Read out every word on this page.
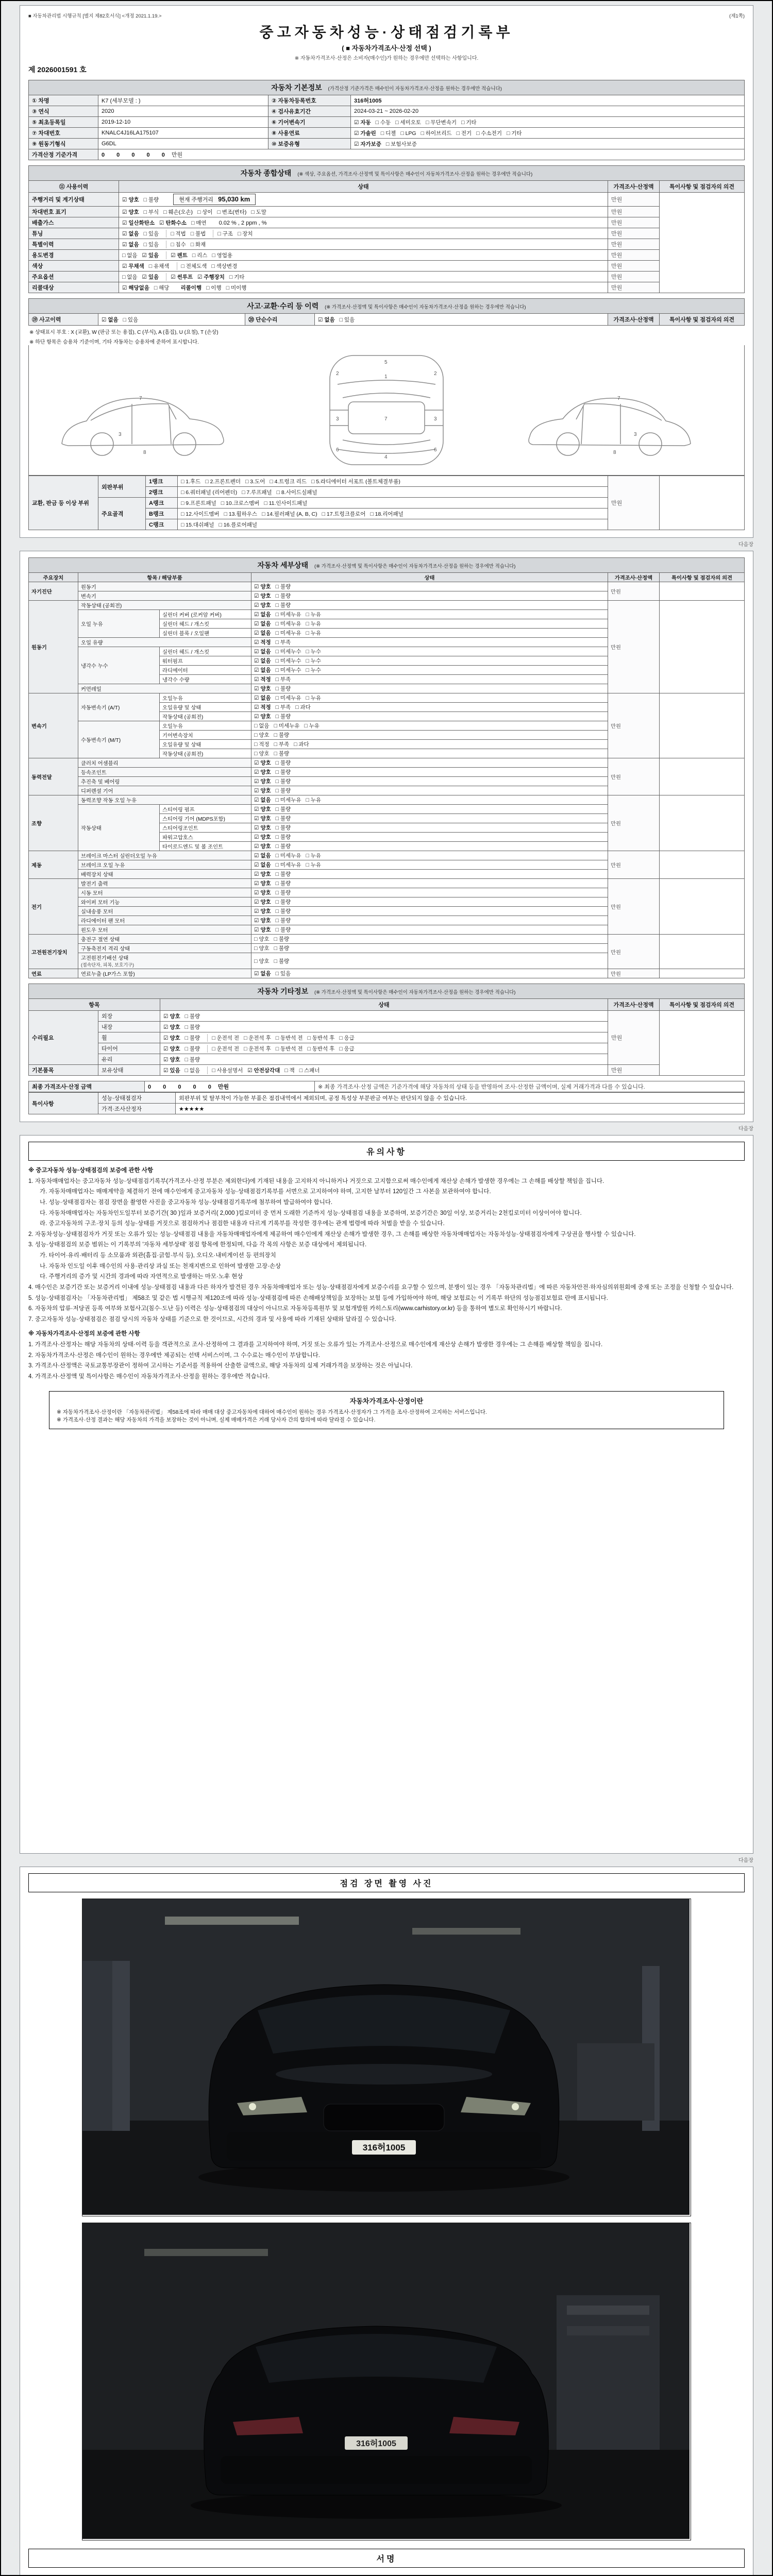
■ 자동차관리법 시행규칙 [별지 제82호서식] <개정 2021.1.19.>	(제1쪽)
중고자동차성능·상태점검기록부
( ■ 자동차가격조사·산정 선택 )
※ 자동차가격조사·산정은 소비자(매수인)가 원하는 경우에만 선택하는 사항입니다.
제 2026001591 호
자동차 기본정보 (가격산정 기준가격은 매수인이 자동차가격조사·산정을 원하는 경우에만 적습니다)
① 차명	K7 (세부모델 : )	② 자동차등록번호	316허1005
③ 연식	2020	④ 검사유효기간	2024-03-21 ~ 2026-02-20
⑤ 최초등록일	2019-12-10	⑥ 기어변속기	☑ 자동 □ 수동 □ 세미오토 □ 무단변속기 □ 기타
⑦ 차대번호	KNALC4J16LA175107	⑧ 사용연료	☑ 가솔린 □ 디젤 □ LPG □ 하이브리드 □ 전기 □ 수소전기 □ 기타
⑨ 원동기형식	G6DL	⑩ 보증유형	☑ 자가보증 □ 보험사보증
가격산정 기준가격	0 0 0 0 0 만원		
자동차 종합상태 (※ 색상, 주요옵션, 가격조사·산정액 및 특이사항은 매수인이 자동차가격조사·산정을 원하는 경우에만 적습니다)
⑪ 사용이력	상태	가격조사·산정액	특이사항 및 점검자의 의견
주행거리 및 계기상태	☑ 양호 □ 불량 현재 주행거리 95,030 km	만원	
차대번호 표기	☑ 양호 □ 부식 □ 훼손(오손) □ 상이 □ 변조(변타) □ 도말	만원	
배출가스	☑ 일산화탄소 ☑ 탄화수소 □ 매연 0.02 % , 2 ppm , %	만원	
튜닝	☑ 없음 □ 있음 □ 적법 □ 불법 □ 구조 □ 장치	만원	
특별이력	☑ 없음 □ 있음 □ 침수 □ 화재	만원	
용도변경	□ 없음 ☑ 있음 ☑ 렌트 □ 리스 □ 영업용	만원	
색상	☑ 무채색 □ 유채색 □ 전체도색 □ 색상변경	만원	
주요옵션	□ 없음 ☑ 있음 ☑ 썬루프 ☑ 주행장치 □ 기타	만원	
리콜대상	☑ 해당없음 □ 해당 리콜이행 □ 이행 □ 미이행	만원	
사고·교환·수리 등 이력 (※ 가격조사·산정액 및 특이사항은 매수인이 자동차가격조사·산정을 원하는 경우에만 적습니다)
⑲ 사고이력	☑ 없음 □ 있음	⑳ 단순수리	☑ 없음 □ 있음	가격조사·산정액	특이사항 및 점검자의 의견
※ 상태표시 부호 : X (교환), W (판금 또는 용접), C (부식), A (흠집), U (요철), T (손상)
※ 하단 항목은 승용차 기준이며, 기타 자동차는 승용차에 준하여 표시합니다.
7
3
8
5
1
2	2
7
3	3
6	6
4
7
3
8
교환, 판금 등 이상 부위	외판부위	1랭크	□ 1.후드 □ 2.프론트펜더 □ 3.도어 □ 4.트렁크 리드 □ 5.라디에이터 서포트 (볼트체결부품)	만원	
		2랭크	□ 6.쿼터패널 (리어펜더) □ 7.루프패널 □ 8.사이드실패널		
	주요골격	A랭크	□ 9.프론트패널 □ 10.크로스멤버 □ 11.인사이드패널		
		B랭크	□ 12.사이드멤버 □ 13.휠하우스 □ 14.필러패널 (A, B, C) □ 17.트렁크플로어 □ 18.리어패널		
		C랭크	□ 15.대쉬패널 □ 16.플로어패널		
다음장
자동차 세부상태 (※ 가격조사·산정액 및 특이사항은 매수인이 자동차가격조사·산정을 원하는 경우에만 적습니다)
주요장치	항목 / 해당부품		상태	가격조사·산정액	특이사항 및 점검자의 의견
자기진단	원동기		☑ 양호 □ 불량	만원	
	변속기		☑ 양호 □ 불량		
원동기	작동상태 (공회전)		☑ 양호 □ 불량	만원	
	오일 누유	실린더 커버 (로커암 커버)	☑ 없음 □ 미세누유 □ 누유		
		실린더 헤드 / 개스킷	☑ 없음 □ 미세누유 □ 누유		
		실린더 블록 / 오일팬	☑ 없음 □ 미세누유 □ 누유		
	오일 유량		☑ 적정 □ 부족		
	냉각수 누수	실린더 헤드 / 개스킷	☑ 없음 □ 미세누수 □ 누수		
		워터펌프	☑ 없음 □ 미세누수 □ 누수		
		라디에이터	☑ 없음 □ 미세누수 □ 누수		
		냉각수 수량	☑ 적정 □ 부족		
	커먼레일		☑ 양호 □ 불량		
변속기	자동변속기 (A/T)	오일누유	☑ 없음 □ 미세누유 □ 누유	만원	
		오일유량 및 상태	☑ 적정 □ 부족 □ 과다		
		작동상태 (공회전)	☑ 양호 □ 불량		
	수동변속기 (M/T)	오일누유	□ 없음 □ 미세누유 □ 누유		
		기어변속장치	□ 양호 □ 불량		
		오일유량 및 상태	□ 적정 □ 부족 □ 과다		
		작동상태 (공회전)	□ 양호 □ 불량		
동력전달	클러치 어셈블리		☑ 양호 □ 불량	만원	
	등속조인트		☑ 양호 □ 불량		
	추진축 및 베어링		☑ 양호 □ 불량		
	디퍼렌셜 기어		☑ 양호 □ 불량		
조향	동력조향 작동 오일 누유		☑ 없음 □ 미세누유 □ 누유	만원	
	작동상태	스티어링 펌프	☑ 양호 □ 불량		
		스티어링 기어 (MDPS포함)	☑ 양호 □ 불량		
		스티어링조인트	☑ 양호 □ 불량		
		파워고압호스	☑ 양호 □ 불량		
		타이로드엔드 및 볼 조인트	☑ 양호 □ 불량		
제동	브레이크 마스터 실린더오일 누유		☑ 없음 □ 미세누유 □ 누유	만원	
	브레이크 오일 누유		☑ 없음 □ 미세누유 □ 누유		
	배력장치 상태		☑ 양호 □ 불량		
전기	발전기 출력		☑ 양호 □ 불량	만원	
	시동 모터		☑ 양호 □ 불량		
	와이퍼 모터 기능		☑ 양호 □ 불량		
	실내송풍 모터		☑ 양호 □ 불량		
	라디에이터 팬 모터		☑ 양호 □ 불량		
	윈도우 모터		☑ 양호 □ 불량		
고전원전기장치	충전구 절연 상태		□ 양호 □ 불량	만원	
	구동축전지 격리 상태		□ 양호 □ 불량		
	고전원전기배선 상태
(접속단자, 피복, 보호기구)		□ 양호 □ 불량		
연료	연료누출 (LP가스 포함)		☑ 없음 □ 있음	만원	
자동차 기타정보 (※ 가격조사·산정액 및 특이사항은 매수인이 자동차가격조사·산정을 원하는 경우에만 적습니다)
항목		상태	가격조사·산정액	특이사항 및 점검자의 의견
수리필요	외장	☑ 양호 □ 불량	만원	
	내장	☑ 양호 □ 불량		
	휠	☑ 양호 □ 불량 □ 운전석 전 □ 운전석 후 □ 동반석 전 □ 동반석 후 □ 응급		
	타이어	☑ 양호 □ 불량 □ 운전석 전 □ 운전석 후 □ 동반석 전 □ 동반석 후 □ 응급		
	유리	☑ 양호 □ 불량		
기본품목	보유상태	☑ 있음 □ 없음 □ 사용설명서 ☑ 안전삼각대 □ 잭 □ 스패너	만원	
최종 가격조사·산정 금액	0 0 0 0 0 만원	※ 최종 가격조사·산정 금액은 기준가격에 해당 자동차의 상태 등을 반영하여 조사·산정한 금액이며, 실제 거래가격과 다를 수 있습니다.
특이사항	성능·상태점검자	외판부위 및 탈부착이 가능한 부품은 점검내역에서 제외되며, 공정 특성상 부분판금 여부는 판단되지 않을 수 있습니다.
	가격·조사산정자	★★★★★
다음장
유의사항
※ 중고자동차 성능·상태점검의 보증에 관한 사항
1. 자동차매매업자는 중고자동차 성능·상태점검기록부(가격조사·산정 부분은 제외한다)에 기재된 내용을 고지하지 아니하거나 거짓으로 고지함으로써 매수인에게 재산상 손해가 발생한 경우에는 그 손해를 배상할 책임을 집니다.
가. 자동차매매업자는 매매계약을 체결하기 전에 매수인에게 중고자동차 성능·상태점검기록부를 서면으로 고지하여야 하며, 고지한 날부터 120일간 그 사본을 보관하여야 합니다.
나. 성능·상태점검자는 점검 장면을 촬영한 사진을 중고자동차 성능·상태점검기록부에 첨부하여 발급하여야 합니다.
다. 자동차매매업자는 자동차인도일부터 보증기간( 30 )일과 보증거리( 2,000 )킬로미터 중 먼저 도래한 기준까지 성능·상태점검 내용을 보증하며, 보증기간은 30일 이상, 보증거리는 2천킬로미터 이상이어야 합니다.
라. 중고자동차의 구조·장치 등의 성능·상태를 거짓으로 점검하거나 점검한 내용과 다르게 기록부를 작성한 경우에는 관계 법령에 따라 처벌을 받을 수 있습니다.
2. 자동차성능·상태점검자가 거짓 또는 오류가 있는 성능·상태점검 내용을 자동차매매업자에게 제공하여 매수인에게 재산상 손해가 발생한 경우, 그 손해를 배상한 자동차매매업자는 자동차성능·상태점검자에게 구상권을 행사할 수 있습니다.
3. 성능·상태점검의 보증 범위는 이 기록부의 '자동차 세부상태' 점검 항목에 한정되며, 다음 각 목의 사항은 보증 대상에서 제외됩니다.
가. 타이어·유리·배터리 등 소모품과 외관(흠집·긁힘·부식 등), 오디오·내비게이션 등 편의장치
나. 자동차 인도일 이후 매수인의 사용·관리상 과실 또는 천재지변으로 인하여 발생한 고장·손상
다. 주행거리의 증가 및 시간의 경과에 따라 자연적으로 발생하는 마모·노후 현상
4. 매수인은 보증기간 또는 보증거리 이내에 성능·상태점검 내용과 다른 하자가 발견된 경우 자동차매매업자 또는 성능·상태점검자에게 보증수리를 요구할 수 있으며, 분쟁이 있는 경우 「자동차관리법」에 따른 자동차안전·하자심의위원회에 중재 또는 조정을 신청할 수 있습니다.
5. 성능·상태점검자는 「자동차관리법」 제58조 및 같은 법 시행규칙 제120조에 따라 성능·상태점검에 따른 손해배상책임을 보장하는 보험 등에 가입하여야 하며, 해당 보험료는 이 기록부 하단의 성능점검보험료 란에 표시됩니다.
6. 자동차의 압류·저당권 등록 여부와 보험사고(침수·도난 등) 이력은 성능·상태점검의 대상이 아니므로 자동차등록원부 및 보험개발원 카히스토리(www.carhistory.or.kr) 등을 통하여 별도로 확인하시기 바랍니다.
7. 중고자동차 성능·상태점검은 점검 당시의 자동차 상태를 기준으로 한 것이므로, 시간의 경과 및 사용에 따라 기재된 상태와 달라질 수 있습니다.
※ 자동차가격조사·산정의 보증에 관한 사항
1. 가격조사·산정자는 해당 자동차의 상태·이력 등을 객관적으로 조사·산정하여 그 결과를 고지하여야 하며, 거짓 또는 오류가 있는 가격조사·산정으로 매수인에게 재산상 손해가 발생한 경우에는 그 손해를 배상할 책임을 집니다.
2. 자동차가격조사·산정은 매수인이 원하는 경우에만 제공되는 선택 서비스이며, 그 수수료는 매수인이 부담합니다.
3. 가격조사·산정액은 국토교통부장관이 정하여 고시하는 기준서를 적용하여 산출한 금액으로, 해당 자동차의 실제 거래가격을 보장하는 것은 아닙니다.
4. 가격조사·산정액 및 특이사항은 매수인이 자동차가격조사·산정을 원하는 경우에만 적습니다.
자동차가격조사·산정이란
※ 자동차가격조사·산정이란 「자동차관리법」 제58조에 따라 매매 대상 중고자동차에 대하여 매수인이 원하는 경우 가격조사·산정자가 그 가격을 조사·산정하여 고지하는 서비스입니다.
※ 가격조사·산정 결과는 해당 자동차의 가격을 보장하는 것이 아니며, 실제 매매가격은 거래 당사자 간의 합의에 따라 달라질 수 있습니다.
다음장
점검 장면 촬영 사진
316허1005
316허1005
서명
